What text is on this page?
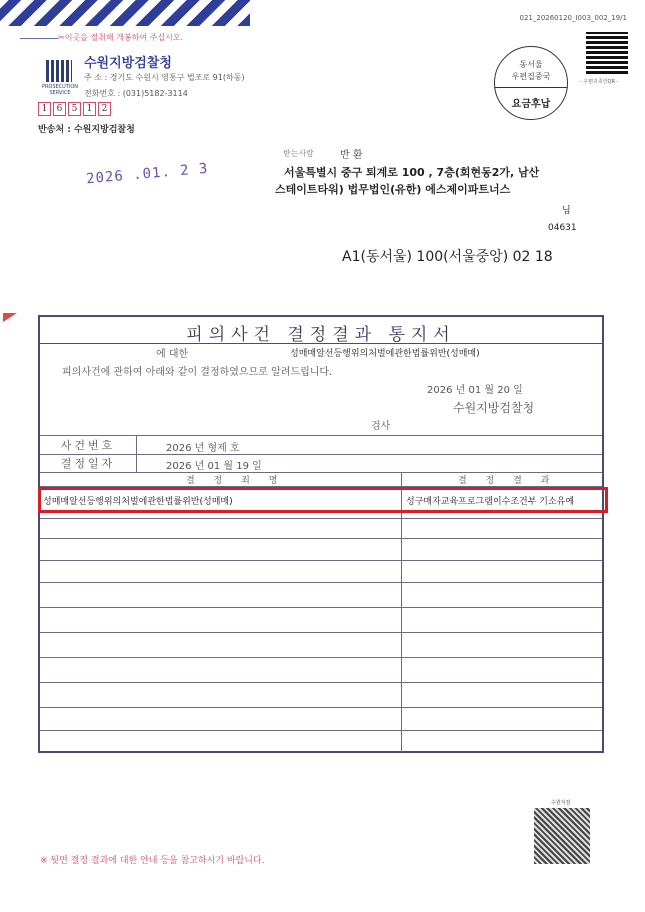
021_20260120_I003_002_19/1
✂이곳을 절취해 개봉하여 주십시오.
PROSECUTION SERVICE
수원지방검찰청
주 소 : 경기도 수원시 영통구 법조로 91(하동)
전화번호 : (031)5182-3114
1	6	5	1	2
반송처 : 수원지방검찰청
동서울
우편집중국
요금후납
- 우편귀족인QR -
받는사람	반 환
2026 .01. 2 3	서울특별시 중구 퇴계로 100 , 7층(회현동2가, 남산
스테이트타워) 법무법인(유한) 에스제이파트너스
님
04631
A1(동서울) 100(서울중앙) 02 18
피의사건 결정결과 통지서
에 대한	성매매알선등행위의처벌에관한법률위반(성매매)
피의사건에 관하여 아래와 같이 결정하였으므로 알려드립니다.
2026 년 01 월 20 일
수원지방검찰청
검사
사건번호	2026 년 형제 호
결정일자	2026 년 01 월 19 일
결 정 죄 명	결 정 결 과
성매매알선등행위의처벌에관한법률위반(성매매)	성구매자교육프로그램이수조건부 기소유예
수원지검
※ 뒷면 결정 결과에 대한 안내 등을 참고하시기 바랍니다.
